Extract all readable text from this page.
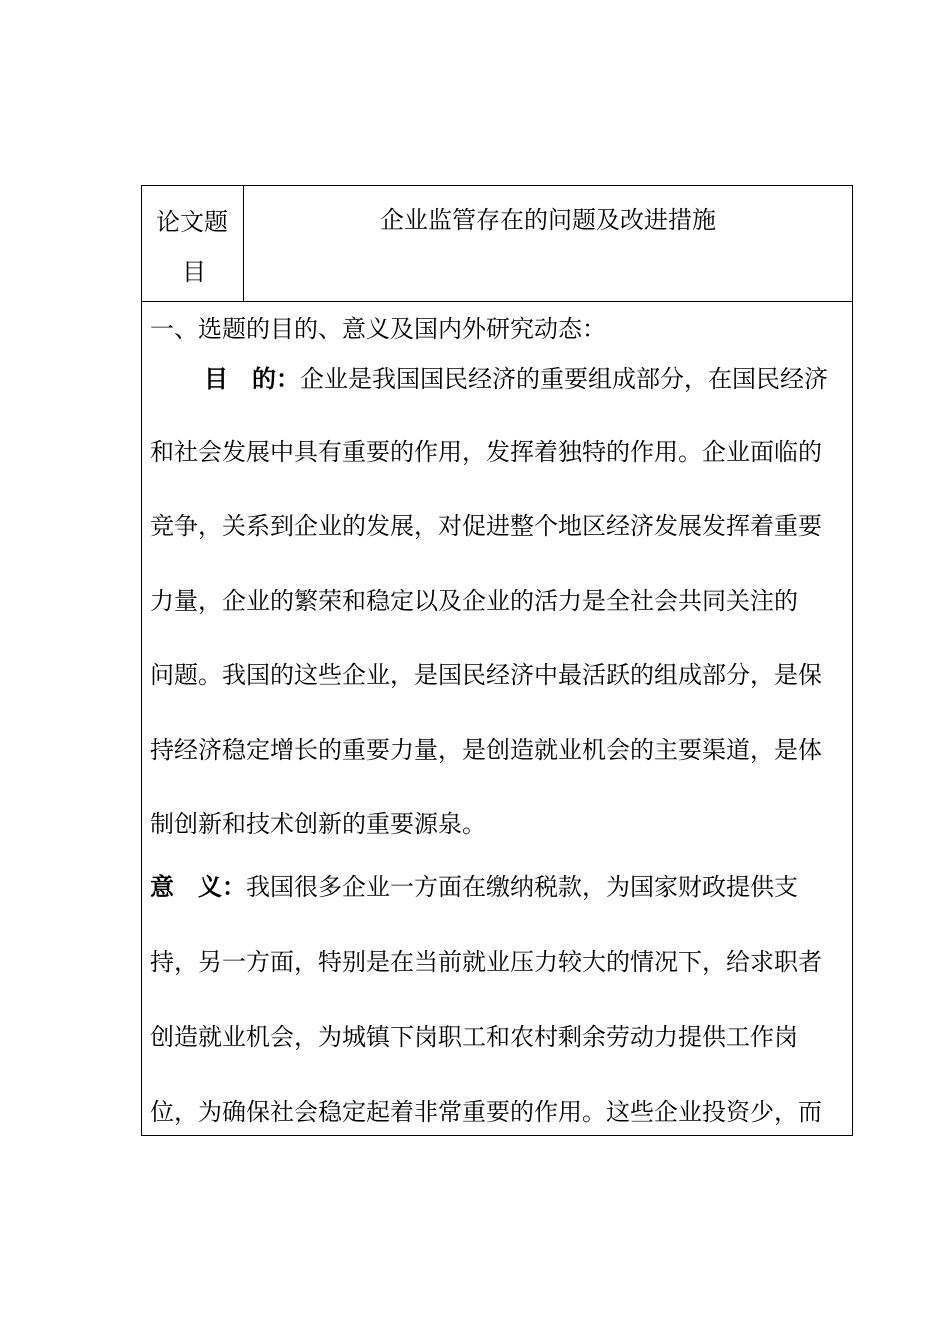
论文题
目
企业监管存在的问题及改进措施
一、选题的目的、意义及国内外研究动态：
目　的：企业是我国国民经济的重要组成部分，在国民经济
和社会发展中具有重要的作用，发挥着独特的作用。企业面临的
竞争，关系到企业的发展，对促进整个地区经济发展发挥着重要
力量，企业的繁荣和稳定以及企业的活力是全社会共同关注的
问题。我国的这些企业，是国民经济中最活跃的组成部分，是保
持经济稳定增长的重要力量，是创造就业机会的主要渠道，是体
制创新和技术创新的重要源泉。
意　义：我国很多企业一方面在缴纳税款，为国家财政提供支
持，另一方面，特别是在当前就业压力较大的情况下，给求职者
创造就业机会，为城镇下岗职工和农村剩余劳动力提供工作岗
位，为确保社会稳定起着非常重要的作用。这些企业投资少，而
